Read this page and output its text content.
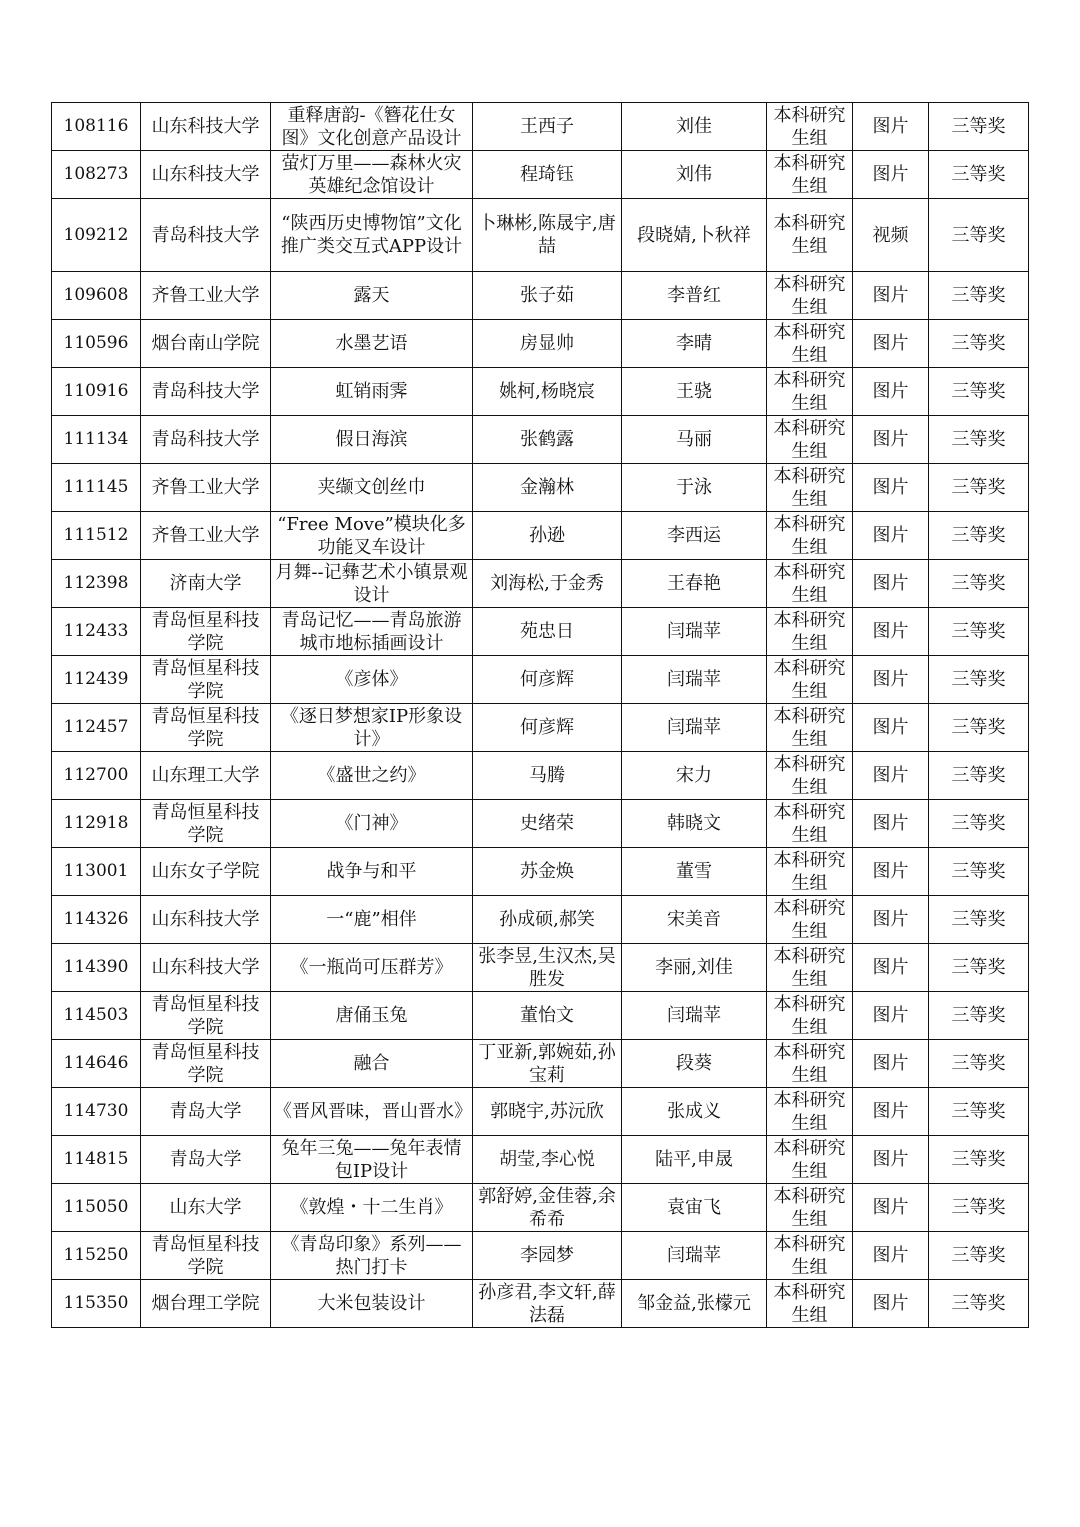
108116	山东科技大学	重释唐韵-《簪花仕女图》文化创意产品设计	王西子	刘佳	本科研究生组	图片	三等奖
108273	山东科技大学	萤灯万里——森林火灾英雄纪念馆设计	程琦钰	刘伟	本科研究生组	图片	三等奖
109212	青岛科技大学	“陕西历史博物馆”文化推广类交互式APP设计	卜琳彬,陈晟宇,唐喆	段晓婧,卜秋祥	本科研究生组	视频	三等奖
109608	齐鲁工业大学	露天	张子茹	李普红	本科研究生组	图片	三等奖
110596	烟台南山学院	水墨艺语	房显帅	李晴	本科研究生组	图片	三等奖
110916	青岛科技大学	虹销雨霁	姚柯,杨晓宸	王骁	本科研究生组	图片	三等奖
111134	青岛科技大学	假日海滨	张鹤露	马丽	本科研究生组	图片	三等奖
111145	齐鲁工业大学	夹缬文创丝巾	金瀚林	于泳	本科研究生组	图片	三等奖
111512	齐鲁工业大学	“Free Move”模块化多功能叉车设计	孙逊	李西运	本科研究生组	图片	三等奖
112398	济南大学	月舞--记彝艺术小镇景观设计	刘海松,于金秀	王春艳	本科研究生组	图片	三等奖
112433	青岛恒星科技学院	青岛记忆——青岛旅游城市地标插画设计	苑忠日	闫瑞苹	本科研究生组	图片	三等奖
112439	青岛恒星科技学院	《彦体》	何彦辉	闫瑞苹	本科研究生组	图片	三等奖
112457	青岛恒星科技学院	《逐日梦想家IP形象设计》	何彦辉	闫瑞苹	本科研究生组	图片	三等奖
112700	山东理工大学	《盛世之约》	马腾	宋力	本科研究生组	图片	三等奖
112918	青岛恒星科技学院	《门神》	史绪荣	韩晓文	本科研究生组	图片	三等奖
113001	山东女子学院	战争与和平	苏金焕	董雪	本科研究生组	图片	三等奖
114326	山东科技大学	一“鹿”相伴	孙成硕,郝笑	宋美音	本科研究生组	图片	三等奖
114390	山东科技大学	《一瓶尚可压群芳》	张李昱,生汉杰,吴胜发	李丽,刘佳	本科研究生组	图片	三等奖
114503	青岛恒星科技学院	唐俑玉兔	董怡文	闫瑞苹	本科研究生组	图片	三等奖
114646	青岛恒星科技学院	融合	丁亚新,郭婉茹,孙宝莉	段葵	本科研究生组	图片	三等奖
114730	青岛大学	《晋风晋味，晋山晋水》	郭晓宇,苏沅欣	张成义	本科研究生组	图片	三等奖
114815	青岛大学	兔年三兔——兔年表情包IP设计	胡莹,李心悦	陆平,申晟	本科研究生组	图片	三等奖
115050	山东大学	《敦煌・十二生肖》	郭舒婷,金佳蓉,余希希	袁宙飞	本科研究生组	图片	三等奖
115250	青岛恒星科技学院	《青岛印象》系列——热门打卡	李园梦	闫瑞苹	本科研究生组	图片	三等奖
115350	烟台理工学院	大米包装设计	孙彦君,李文轩,薛法磊	邹金益,张檬元	本科研究生组	图片	三等奖
